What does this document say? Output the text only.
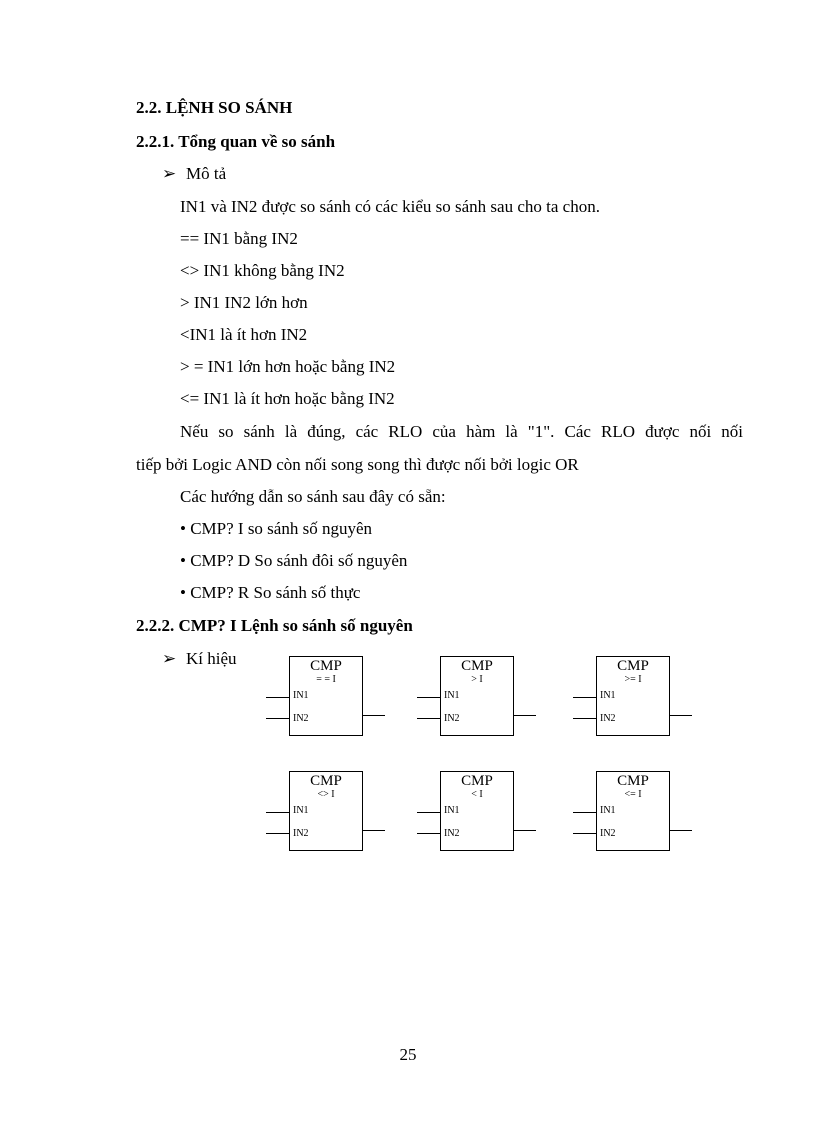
2.2. LỆNH SO SÁNH
2.2.1. Tổng quan về so sánh
➢ Mô tả
IN1 và IN2 được so sánh có các kiểu so sánh sau cho ta chon.
== IN1 bằng IN2
<> IN1 không bằng IN2
> IN1 IN2 lớn hơn
<IN1 là ít hơn IN2
> = IN1 lớn hơn hoặc bằng IN2
<= IN1 là ít hơn hoặc bằng IN2
Nếu so sánh là đúng, các RLO của hàm là "1". Các RLO được nối nối
tiếp bởi Logic AND còn nối song song thì được nối bởi logic OR
Các hướng dẫn so sánh sau đây có sẵn:
• CMP? I so sánh số nguyên
• CMP? D So sánh đôi số nguyên
• CMP? R So sánh số thực
2.2.2. CMP? I Lệnh so sánh số nguyên
➢ Kí hiệu	CMP
= = I
IN1
IN2
CMP
> I
IN1
IN2
CMP
>= I
IN1
IN2
CMP
<> I
IN1
IN2
CMP
< I
IN1
IN2
CMP
<= I
IN1
IN2
25
